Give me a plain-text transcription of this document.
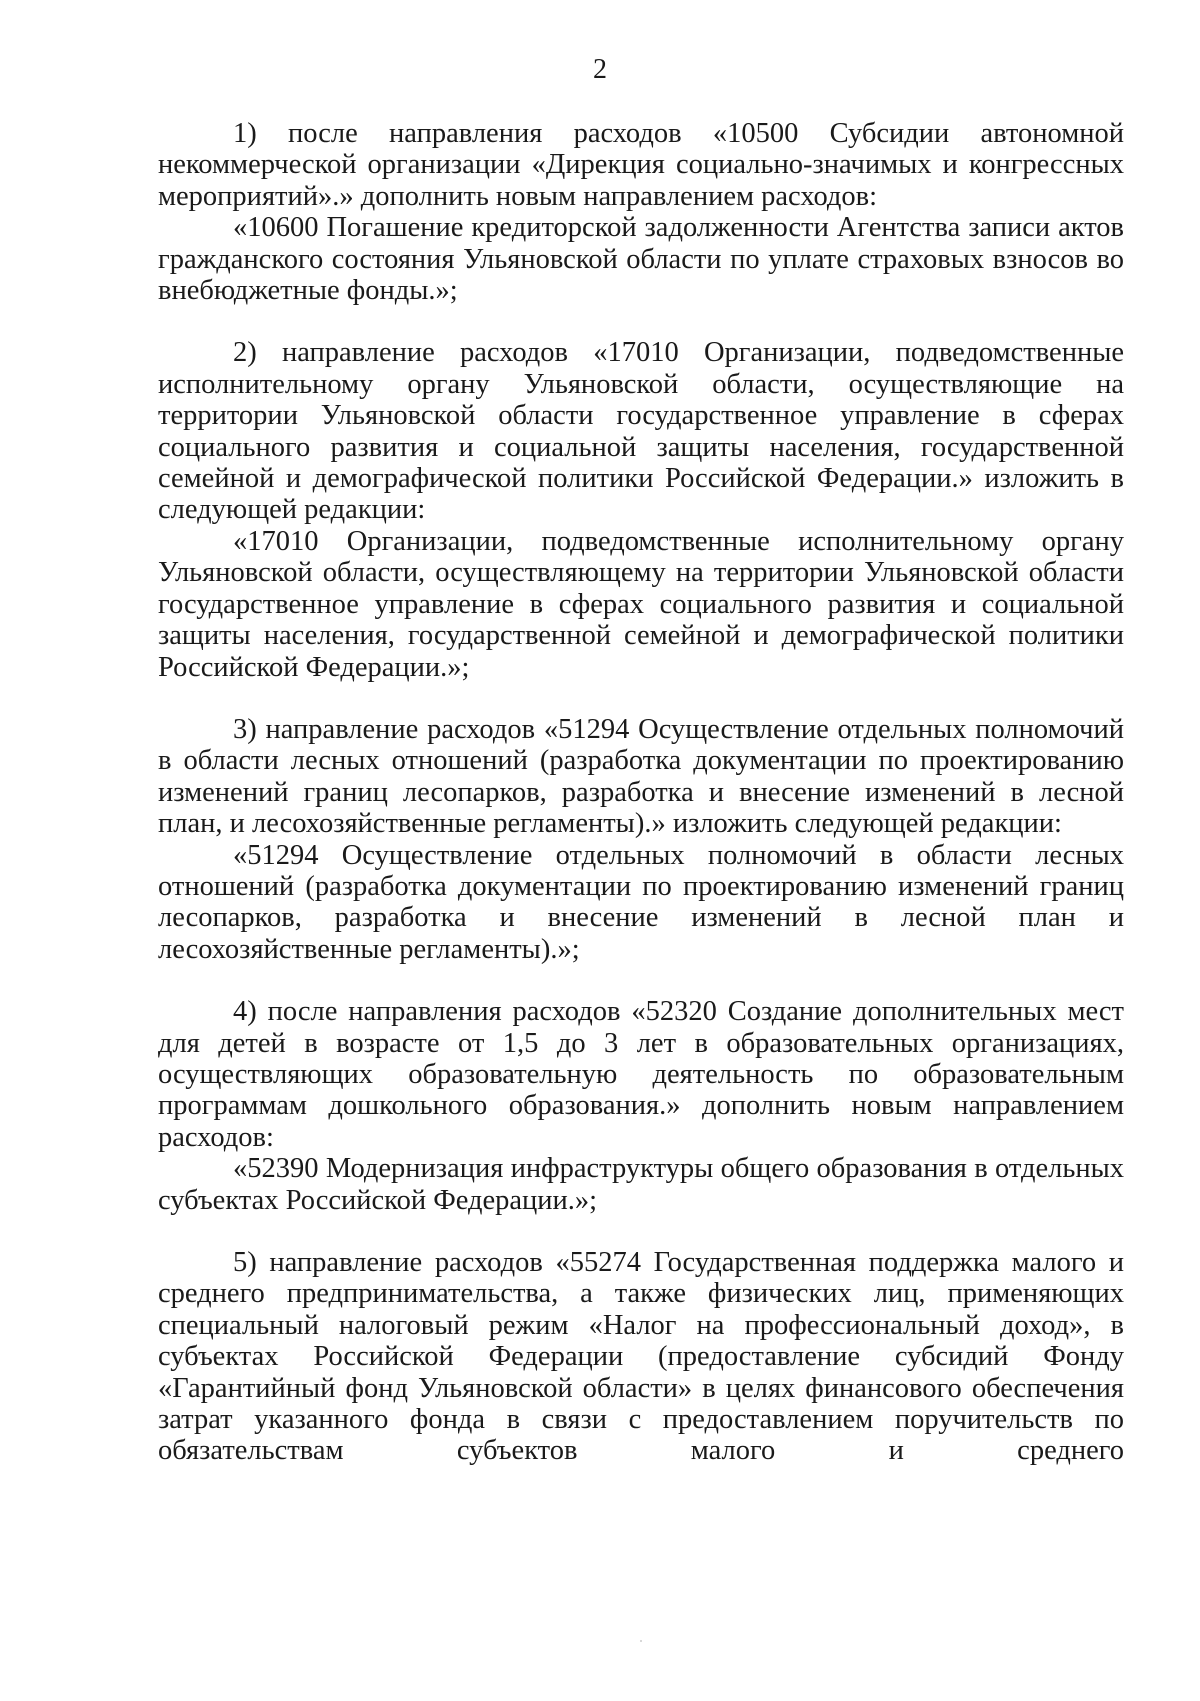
2

1) после направления расходов «10500 Субсидии автономной некоммерческой организации «Дирекция социально-значимых и конгрессных мероприятий».» дополнить новым направлением расходов:

«10600 Погашение кредиторской задолженности Агентства записи актов гражданского состояния Ульяновской области по уплате страховых взносов во внебюджетные фонды.»;

2) направление расходов «17010 Организации, подведомственные исполнительному органу Ульяновской области, осуществляющие на территории Ульяновской области государственное управление в сферах социального развития и социальной защиты населения, государственной семейной и демографической политики Российской Федерации.» изложить в следующей редакции:

«17010 Организации, подведомственные исполнительному органу Ульяновской области, осуществляющему на территории Ульяновской области государственное управление в сферах социального развития и социальной защиты населения, государственной семейной и демографической политики Российской Федерации.»;

3) направление расходов «51294 Осуществление отдельных полномочий в области лесных отношений (разработка документации по проектированию изменений границ лесопарков, разработка и внесение изменений в лесной план, и лесохозяйственные регламенты).» изложить следующей редакции:

«51294 Осуществление отдельных полномочий в области лесных отношений (разработка документации по проектированию изменений границ лесопарков, разработка и внесение изменений в лесной план и лесохозяйственные регламенты).»;

4) после направления расходов «52320 Создание дополнительных мест для детей в возрасте от 1,5 до 3 лет в образовательных организациях, осуществляющих образовательную деятельность по образовательным программам дошкольного образования.» дополнить новым направлением расходов:

«52390 Модернизация инфраструктуры общего образования в отдельных субъектах Российской Федерации.»;

5) направление расходов «55274 Государственная поддержка малого и среднего предпринимательства, а также физических лиц, применяющих специальный налоговый режим «Налог на профессиональный доход», в субъектах Российской Федерации (предоставление субсидий Фонду «Гарантийный фонд Ульяновской области» в целях финансового обеспечения затрат указанного фонда в связи с предоставлением поручительств по обязательствам субъектов малого и среднего
